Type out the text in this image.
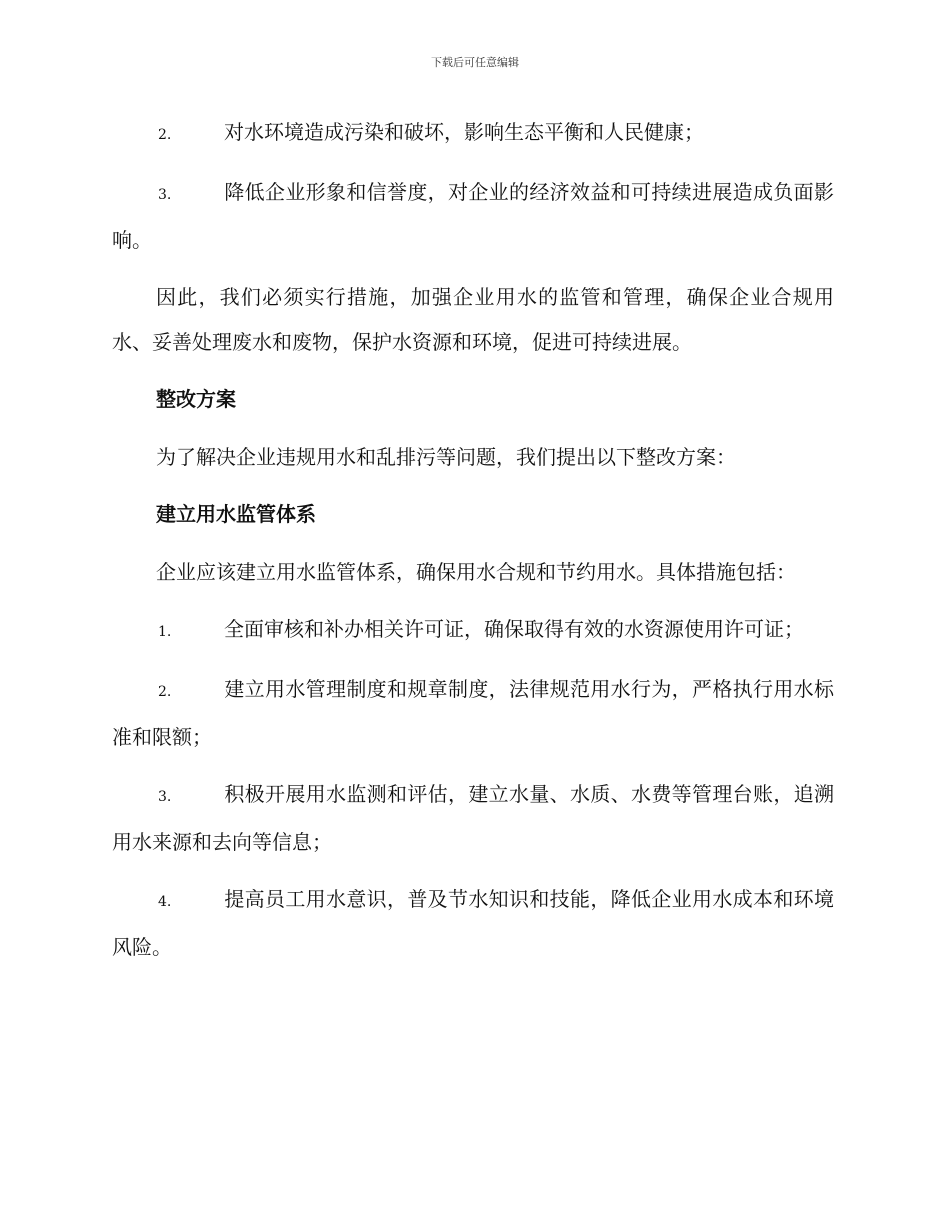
下载后可任意编辑

2.	对水环境造成污染和破坏，影响生态平衡和人民健康；

3.	降低企业形象和信誉度，对企业的经济效益和可持续进展造成负面影响。

因此，我们必须实行措施，加强企业用水的监管和管理，确保企业合规用水、妥善处理废水和废物，保护水资源和环境，促进可持续进展。

整改方案

为了解决企业违规用水和乱排污等问题，我们提出以下整改方案：

建立用水监管体系

企业应该建立用水监管体系，确保用水合规和节约用水。具体措施包括：

1.	全面审核和补办相关许可证，确保取得有效的水资源使用许可证；

2.	建立用水管理制度和规章制度，法律规范用水行为，严格执行用水标准和限额；

3.	积极开展用水监测和评估，建立水量、水质、水费等管理台账，追溯用水来源和去向等信息；

4.	提高员工用水意识，普及节水知识和技能，降低企业用水成本和环境风险。
